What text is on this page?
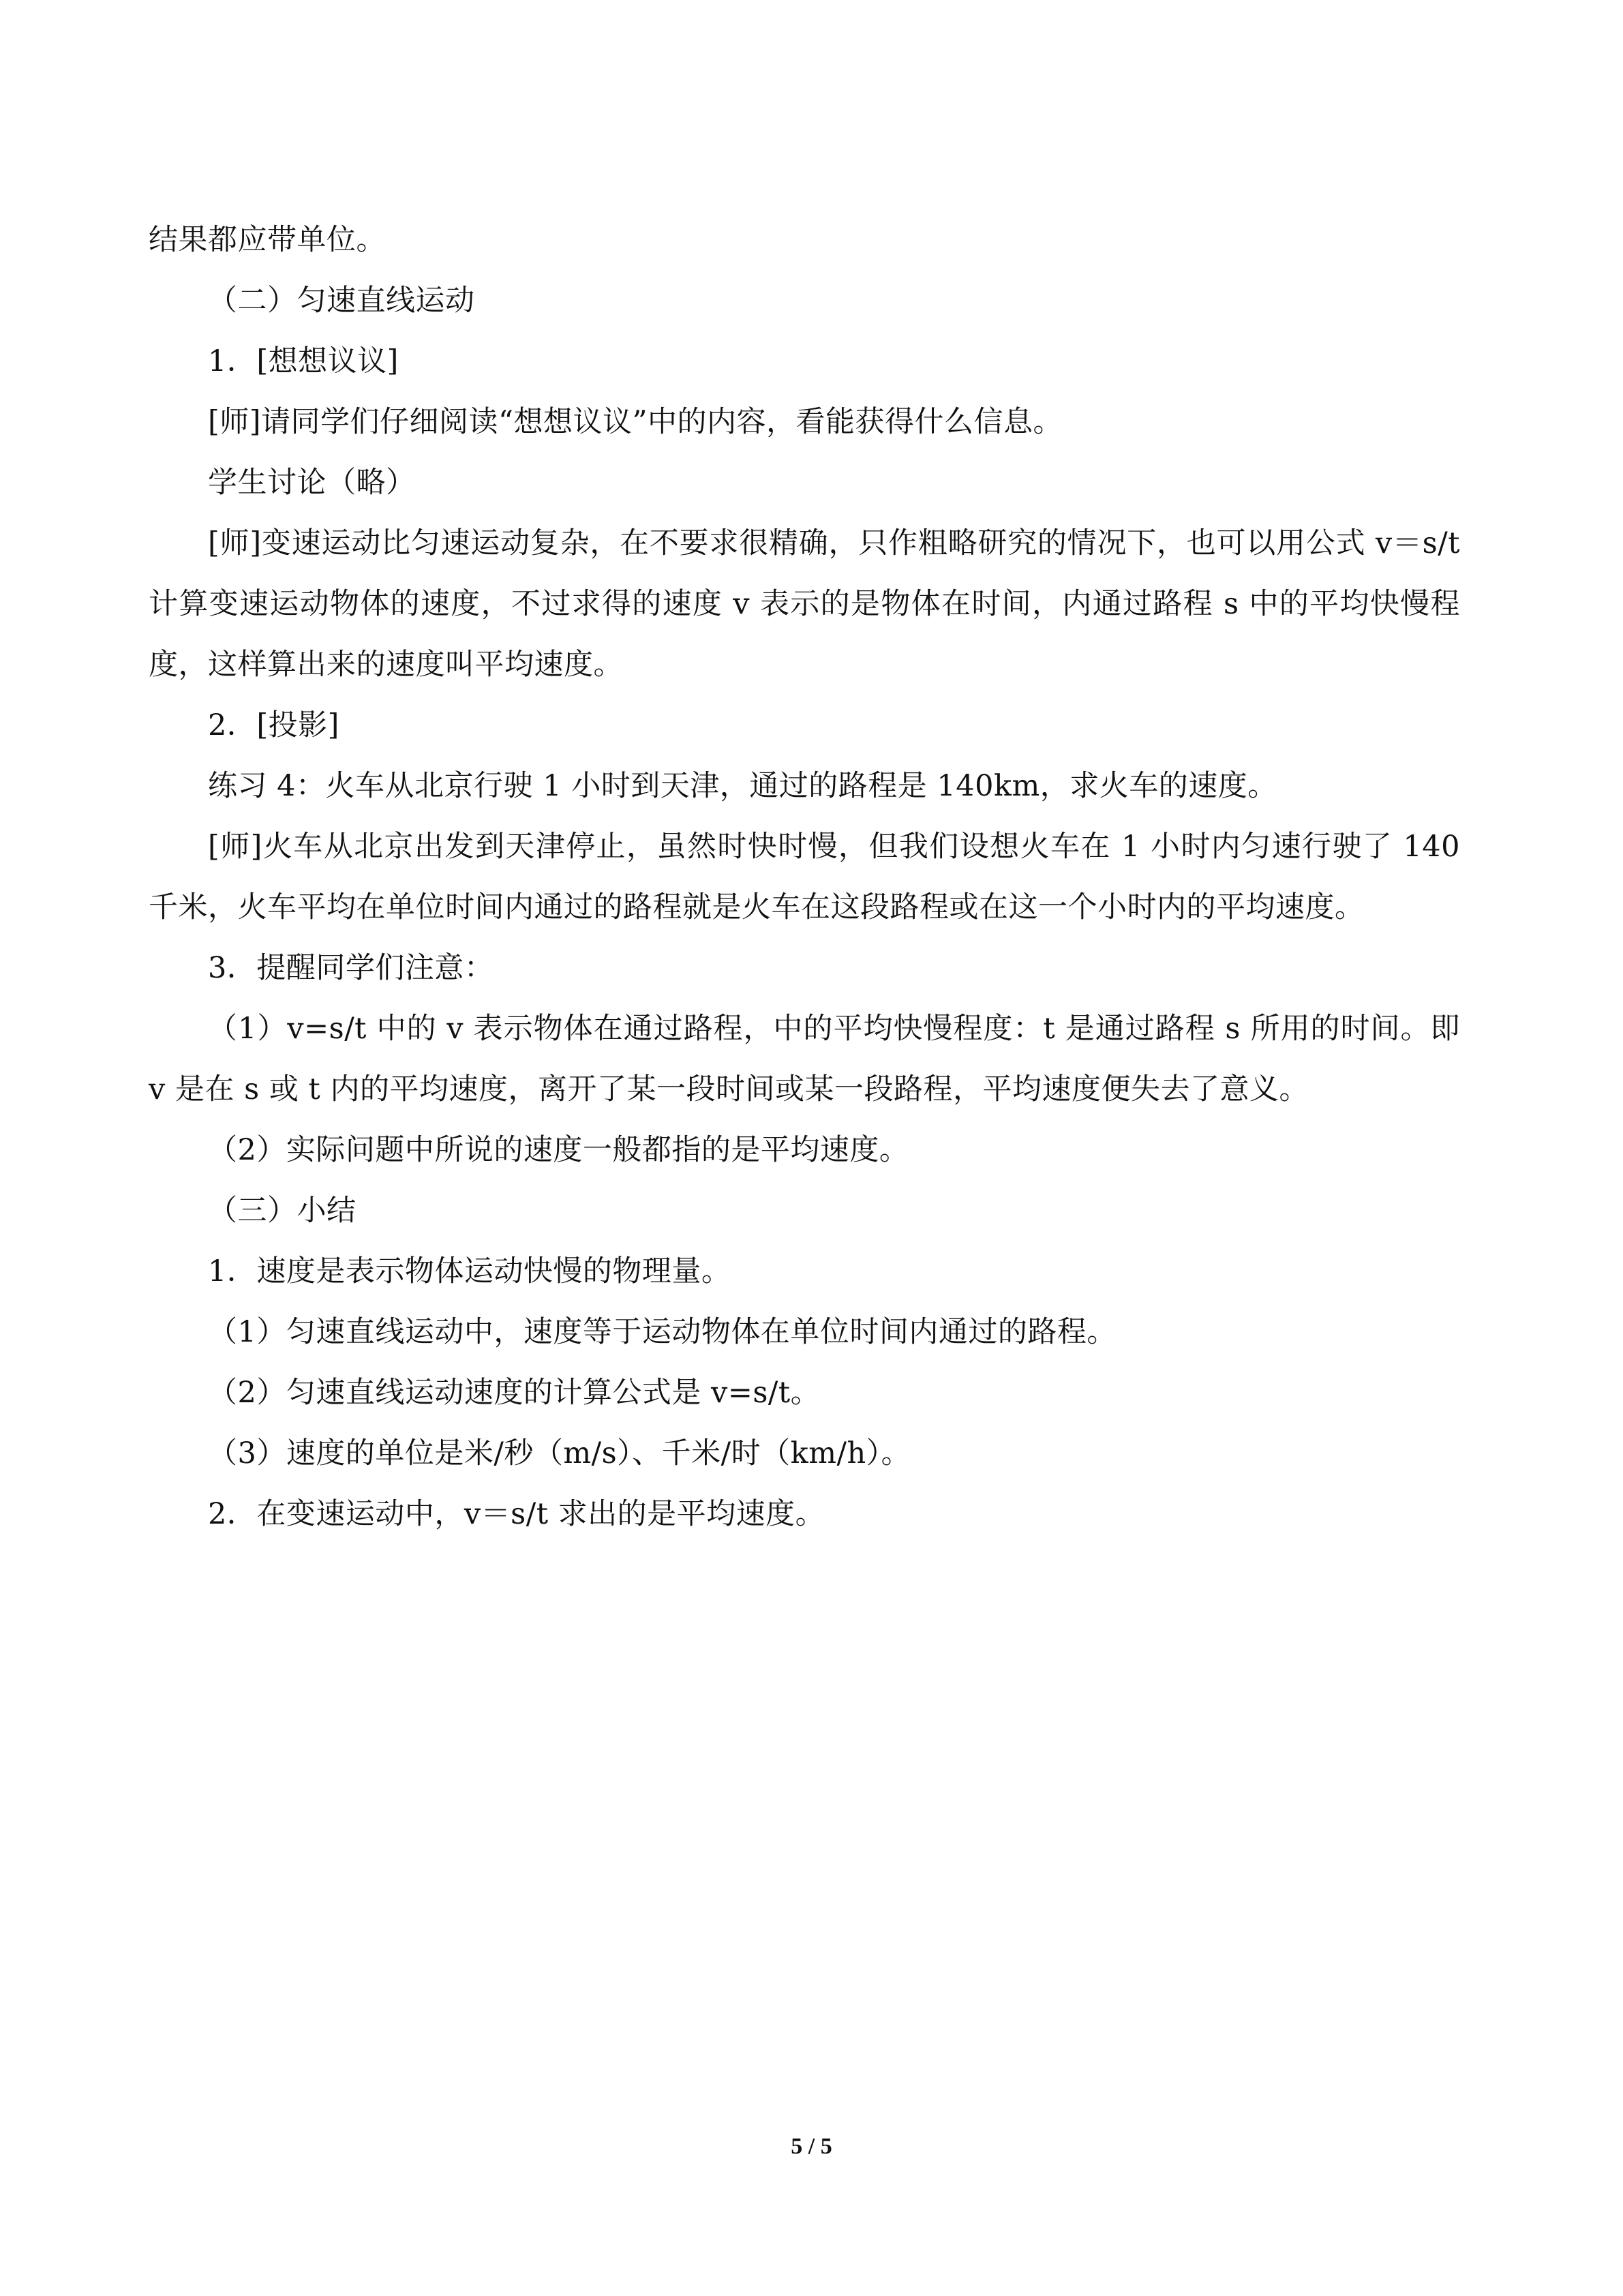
结果都应带单位。

（二）匀速直线运动

1．[想想议议]

[师]请同学们仔细阅读“想想议议”中的内容，看能获得什么信息。

学生讨论（略）

[师]变速运动比匀速运动复杂，在不要求很精确，只作粗略研究的情况下，也可以用公式 v＝s/t 计算变速运动物体的速度，不过求得的速度 v 表示的是物体在时间，内通过路程 s 中的平均快慢程度，这样算出来的速度叫平均速度。

2．[投影]

练习 4：火车从北京行驶 1 小时到天津，通过的路程是 140km，求火车的速度。

[师]火车从北京出发到天津停止，虽然时快时慢，但我们设想火车在 1 小时内匀速行驶了 140 千米，火车平均在单位时间内通过的路程就是火车在这段路程或在这一个小时内的平均速度。

3．提醒同学们注意：

（1）v=s/t 中的 v 表示物体在通过路程，中的平均快慢程度：t 是通过路程 s 所用的时间。即 v 是在 s 或 t 内的平均速度，离开了某一段时间或某一段路程，平均速度便失去了意义。

（2）实际问题中所说的速度一般都指的是平均速度。

（三）小结

1．速度是表示物体运动快慢的物理量。

（1）匀速直线运动中，速度等于运动物体在单位时间内通过的路程。

（2）匀速直线运动速度的计算公式是 v=s/t。

（3）速度的单位是米/秒（m/s）、千米/时（km/h）。

2．在变速运动中，v＝s/t 求出的是平均速度。

5 / 5
